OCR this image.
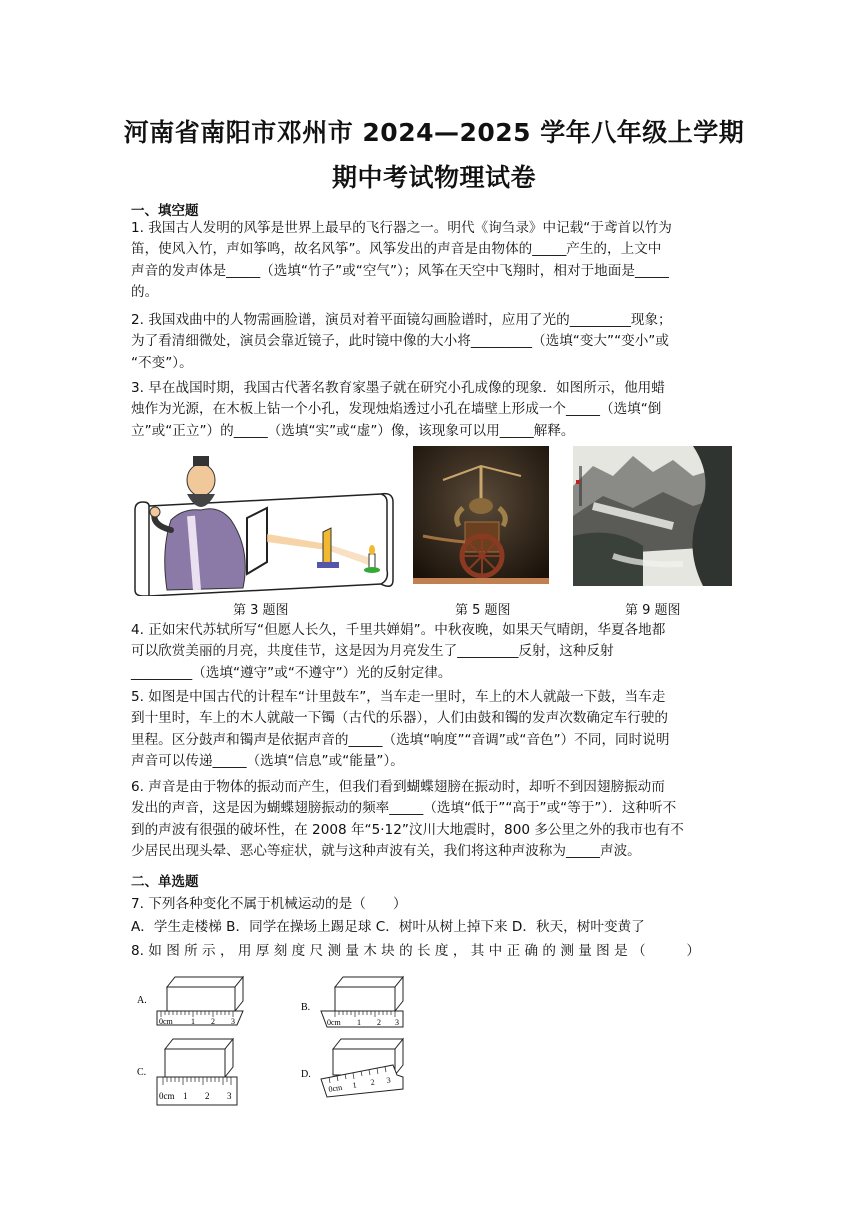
河南省南阳市邓州市 2024—2025 学年八年级上学期
期中考试物理试卷
一、填空题
1. 我国古人发明的风筝是世界上最早的飞行器之一。明代《询刍录》中记载“于鸢首以竹为
笛，使风入竹，声如筝鸣，故名风筝”。风筝发出的声音是由物体的_____产生的，上文中
声音的发声体是_____（选填“竹子”或“空气”）；风筝在天空中飞翔时，相对于地面是_____
的。
2. 我国戏曲中的人物需画脸谱，演员对着平面镜勾画脸谱时，应用了光的_________现象；
为了看清细微处，演员会靠近镜子，此时镜中像的大小将_________（选填“变大”“变小”或
“不变”）。
3. 早在战国时期，我国古代著名教育家墨子就在研究小孔成像的现象．如图所示，他用蜡
烛作为光源，在木板上钻一个小孔，发现烛焰透过小孔在墙壁上形成一个_____（选填“倒
立”或“正立”）的_____（选填“实”或“虚”）像，该现象可以用_____解释。
第 3 题图	第 5 题图	第 9 题图
4. 正如宋代苏轼所写“但愿人长久，千里共婵娟”。中秋夜晚，如果天气晴朗，华夏各地都
可以欣赏美丽的月亮，共度佳节，这是因为月亮发生了_________反射，这种反射
_________（选填“遵守”或“不遵守”）光的反射定律。
5. 如图是中国古代的计程车“计里鼓车”，当车走一里时，车上的木人就敲一下鼓，当车走
到十里时，车上的木人就敲一下镯（古代的乐器），人们由鼓和镯的发声次数确定车行驶的
里程。区分鼓声和镯声是依据声音的_____（选填“响度”“音调”或“音色”）不同，同时说明
声音可以传递_____（选填“信息”或“能量”）。
6. 声音是由于物体的振动而产生，但我们看到蝴蝶翅膀在振动时，却听不到因翅膀振动而
发出的声音，这是因为蝴蝶翅膀振动的频率_____（选填“低于”“高于”或“等于”）．这种听不
到的声波有很强的破坏性，在 2008 年“5·12”汶川大地震时，800 多公里之外的我市也有不
少居民出现头晕、恶心等症状，就与这种声波有关，我们将这种声波称为_____声波。
二、单选题
7. 下列各种变化不属于机械运动的是（　　）
A．学生走楼梯 B．同学在操场上踢足球 C．树叶从树上掉下来 D．秋天，树叶变黄了
8. 如 图 所 示 ， 用 厚 刻 度 尺 测 量 木 块 的 长 度 ， 其 中 正 确 的 测 量 图 是 （　　　）
A.
0cm 1 2 3
B.
0cm 1 2 3
C.
0cm 1 2 3
D.
0cm 1 2 3
